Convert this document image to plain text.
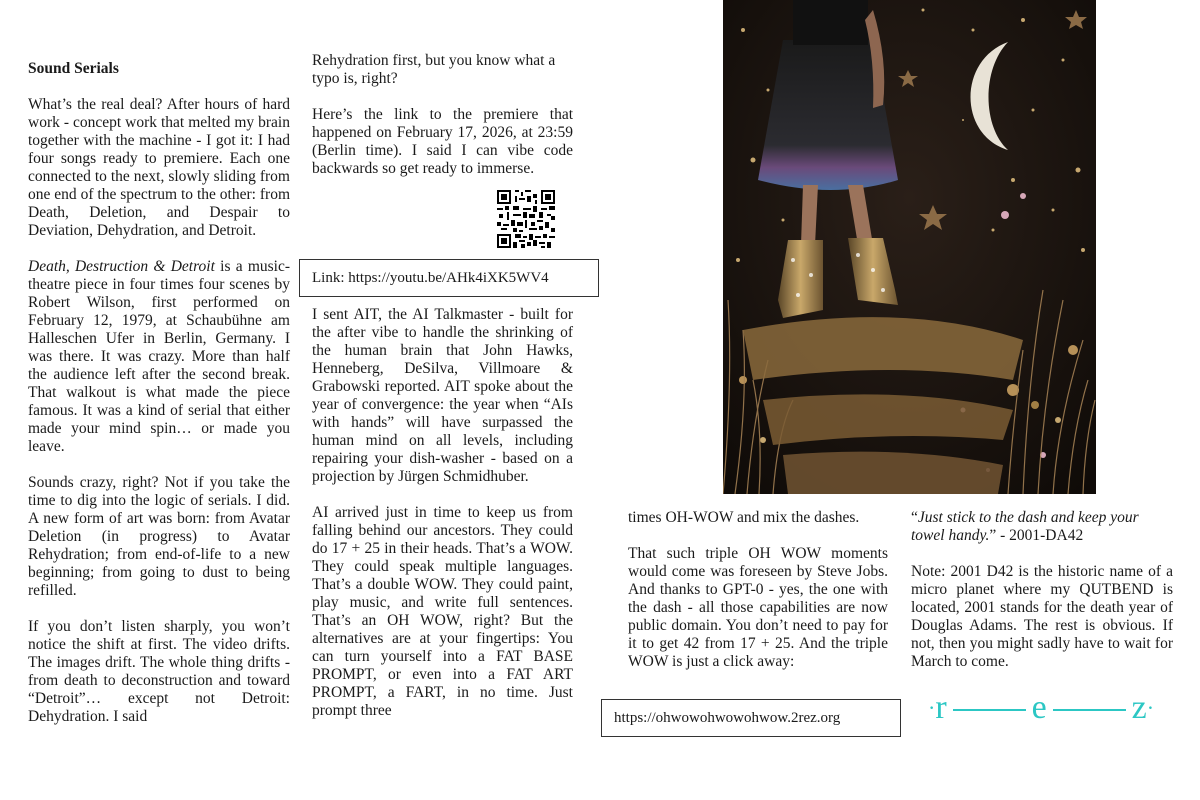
Sound Serials

What’s the real deal? After hours of hard work - concept work that melted my brain together with the machine - I got it: I had four songs ready to premiere. Each one connected to the next, slowly sliding from one end of the spectrum to the other: from Death, Deletion, and Despair to Deviation, Dehydration, and Detroit.

Death, Destruction & Detroit is a music-theatre piece in four times four scenes by Robert Wilson, first performed on February 12, 1979, at Schaubühne am Halleschen Ufer in Berlin, Germany. I was there. It was crazy. More than half the audience left after the second break. That walkout is what made the piece famous. It was a kind of serial that either made your mind spin… or made you leave.

Sounds crazy, right? Not if you take the time to dig into the logic of serials. I did. A new form of art was born: from Avatar Deletion (in progress) to Avatar Rehydration; from end-of-life to a new beginning; from going to dust to being refilled.

If you don’t listen sharply, you won’t notice the shift at first. The video drifts. The images drift. The whole thing drifts - from death to deconstruction and toward “Detroit”… except not Detroit: Dehydration. I said

Rehydration first, but you know what a typo is, right?

Here’s the link to the premiere that happened on February 17, 2026, at 23:59 (Berlin time). I said I can vibe code backwards so get ready to immerse.

Link: https://youtu.be/AHk4iXK5WV4

I sent AIT, the AI Talkmaster - built for the after vibe to handle the shrinking of the human brain that John Hawks, Henneberg, DeSilva, Villmoare & Grabowski reported. AIT spoke about the year of convergence: the year when “AIs with hands” will have surpassed the human mind on all levels, including repairing your dish-washer - based on a projection by Jürgen Schmidhuber.

AI arrived just in time to keep us from falling behind our ancestors. They could do 17 + 25 in their heads. That’s a WOW. They could speak multiple languages. That’s a double WOW. They could paint, play music, and write full sentences. That’s an OH WOW, right? But the alternatives are at your fingertips: You can turn yourself into a FAT BASE PROMPT, or even into a FAT ART PROMPT, a FART, in no time. Just prompt three

times OH-WOW and mix the dashes.

That such triple OH WOW moments would come was foreseen by Steve Jobs. And thanks to GPT-0 - yes, the one with the dash - all those capabilities are now public domain. You don’t need to pay for it to get 42 from 17 + 25. And the triple WOW is just a click away:

https://ohwowohwowohwow.2rez.org

“Just stick to the dash and keep your towel handy.” - 2001-DA42

Note: 2001 D42 is the historic name of a micro planet where my QUTBEND is located, 2001 stands for the death year of Douglas Adams. The rest is obvious. If not, then you might sadly have to wait for March to come.

· r e z ·
